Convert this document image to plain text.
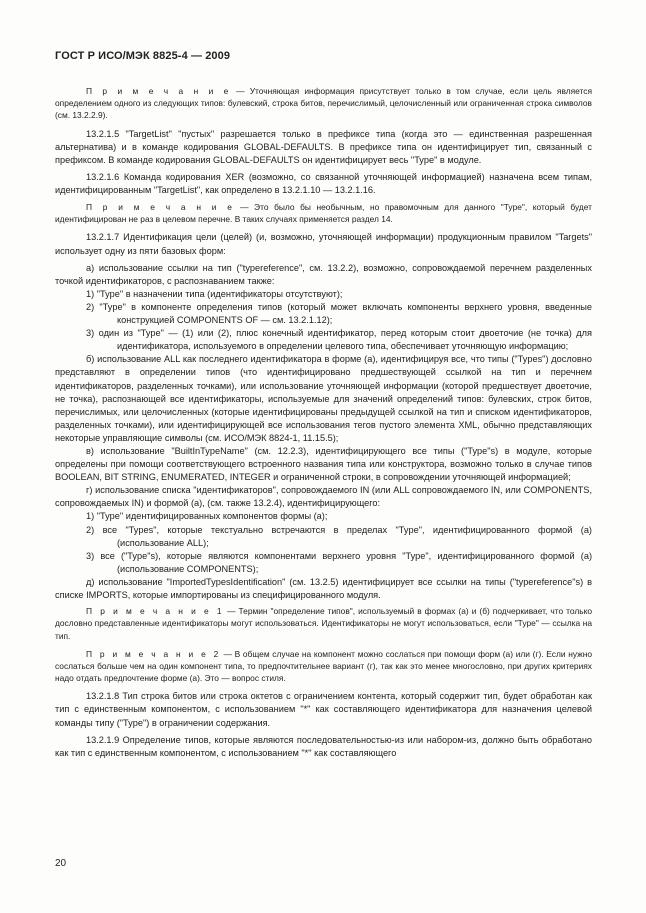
ГОСТ Р ИСО/МЭК 8825-4 — 2009
П р и м е ч а н и е — Уточняющая информация присутствует только в том случае, если цель является определением одного из следующих типов: булевский, строка битов, перечислимый, целочисленный или ограниченная строка символов (см. 13.2.2.9).
13.2.1.5 "TargetList" "пустых" разрешается только в префиксе типа (когда это — единственная разрешенная альтернатива) и в команде кодирования GLOBAL-DEFAULTS. В префиксе типа он идентифицирует тип, связанный с префиксом. В команде кодирования GLOBAL-DEFAULTS он идентифицирует весь "Type" в модуле.
13.2.1.6 Команда кодирования XER (возможно, со связанной уточняющей информацией) назначена всем типам, идентифицированным "TargetList", как определено в 13.2.1.10 — 13.2.1.16.
П р и м е ч а н и е — Это было бы необычным, но правомочным для данного "Type", который будет идентифицирован не раз в целевом перечне. В таких случаях применяется раздел 14.
13.2.1.7 Идентификация цели (целей) (и, возможно, уточняющей информации) продукционным правилом "Targets" использует одну из пяти базовых форм:
а) использование ссылки на тип ("typereference", см. 13.2.2), возможно, сопровождаемой перечнем разделенных точкой идентификаторов, с распознаванием также:
1) "Type" в назначении типа (идентификаторы отсутствуют);
2) "Type" в компоненте определения типов (который может включать компоненты верхнего уровня, введенные конструкцией COMPONENTS OF — см. 13.2.1.12);
3) один из "Type" — (1) или (2), плюс конечный идентификатор, перед которым стоит двоеточие (не точка) для идентификатора, используемого в определении целевого типа, обеспечивает уточняющую информацию;
б) использование ALL как последнего идентификатора в форме (а), идентифицируя все, что типы ("Types") дословно представляют в определении типов (что идентифицировано предшествующей ссылкой на тип и перечнем идентификаторов, разделенных точками), или использование уточняющей информации (которой предшествует двоеточие, не точка), распознающей все идентификаторы, используемые для значений определений типов: булевских, строк битов, перечислимых, или целочисленных (которые идентифицированы предыдущей ссылкой на тип и списком идентификаторов, разделенных точками), или идентифицирующей все использования тегов пустого элемента XML, обычно представляющих некоторые управляющие символы (см. ИСО/МЭК 8824-1, 11.15.5);
в) использование "BuiltInTypeName" (см. 12.2.3), идентифицирующего все типы ("Type"s) в модуле, которые определены при помощи соответствующего встроенного названия типа или конструктора, возможно только в случае типов BOOLEAN, BIT STRING, ENUMERATED, INTEGER и ограниченной строки, в сопровождении уточняющей информацией;
г) использование списка "идентификаторов", сопровождаемого IN (или ALL сопровождаемого IN, или COMPONENTS, сопровождаемых IN) и формой (а), (см. также 13.2.4), идентифицирующего:
1) "Type" идентифицированных компонентов формы (а);
2) все "Types", которые текстуально встречаются в пределах "Type", идентифицированного формой (а) (использование ALL);
3) все ("Type"s), которые являются компонентами верхнего уровня "Type", идентифицированного формой (а) (использование COMPONENTS);
д) использование "ImportedTypesIdentification" (см. 13.2.5) идентифицирует все ссылки на типы ("typereference"s) в списке IMPORTS, которые импортированы из специфицированного модуля.
П р и м е ч а н и е 1 — Термин "определение типов", используемый в формах (а) и (б) подчеркивает, что только дословно представленные идентификаторы могут использоваться. Идентификаторы не могут использоваться, если "Type" — ссылка на тип.
П р и м е ч а н и е 2 — В общем случае на компонент можно сослаться при помощи форм (а) или (г). Если нужно сослаться больше чем на один компонент типа, то предпочтительнее вариант (г), так как это менее многословно, при других критериях надо отдать предпочтение форме (а). Это — вопрос стиля.
13.2.1.8 Тип строка битов или строка октетов с ограничением контента, который содержит тип, будет обработан как тип с единственным компонентом, с использованием "*" как составляющего идентификатора для назначения целевой команды типу ("Type") в ограничении содержания.
13.2.1.9 Определение типов, которые являются последовательностью-из или набором-из, должно быть обработано как тип с единственным компонентом, с использованием "*" как составляющего
20
